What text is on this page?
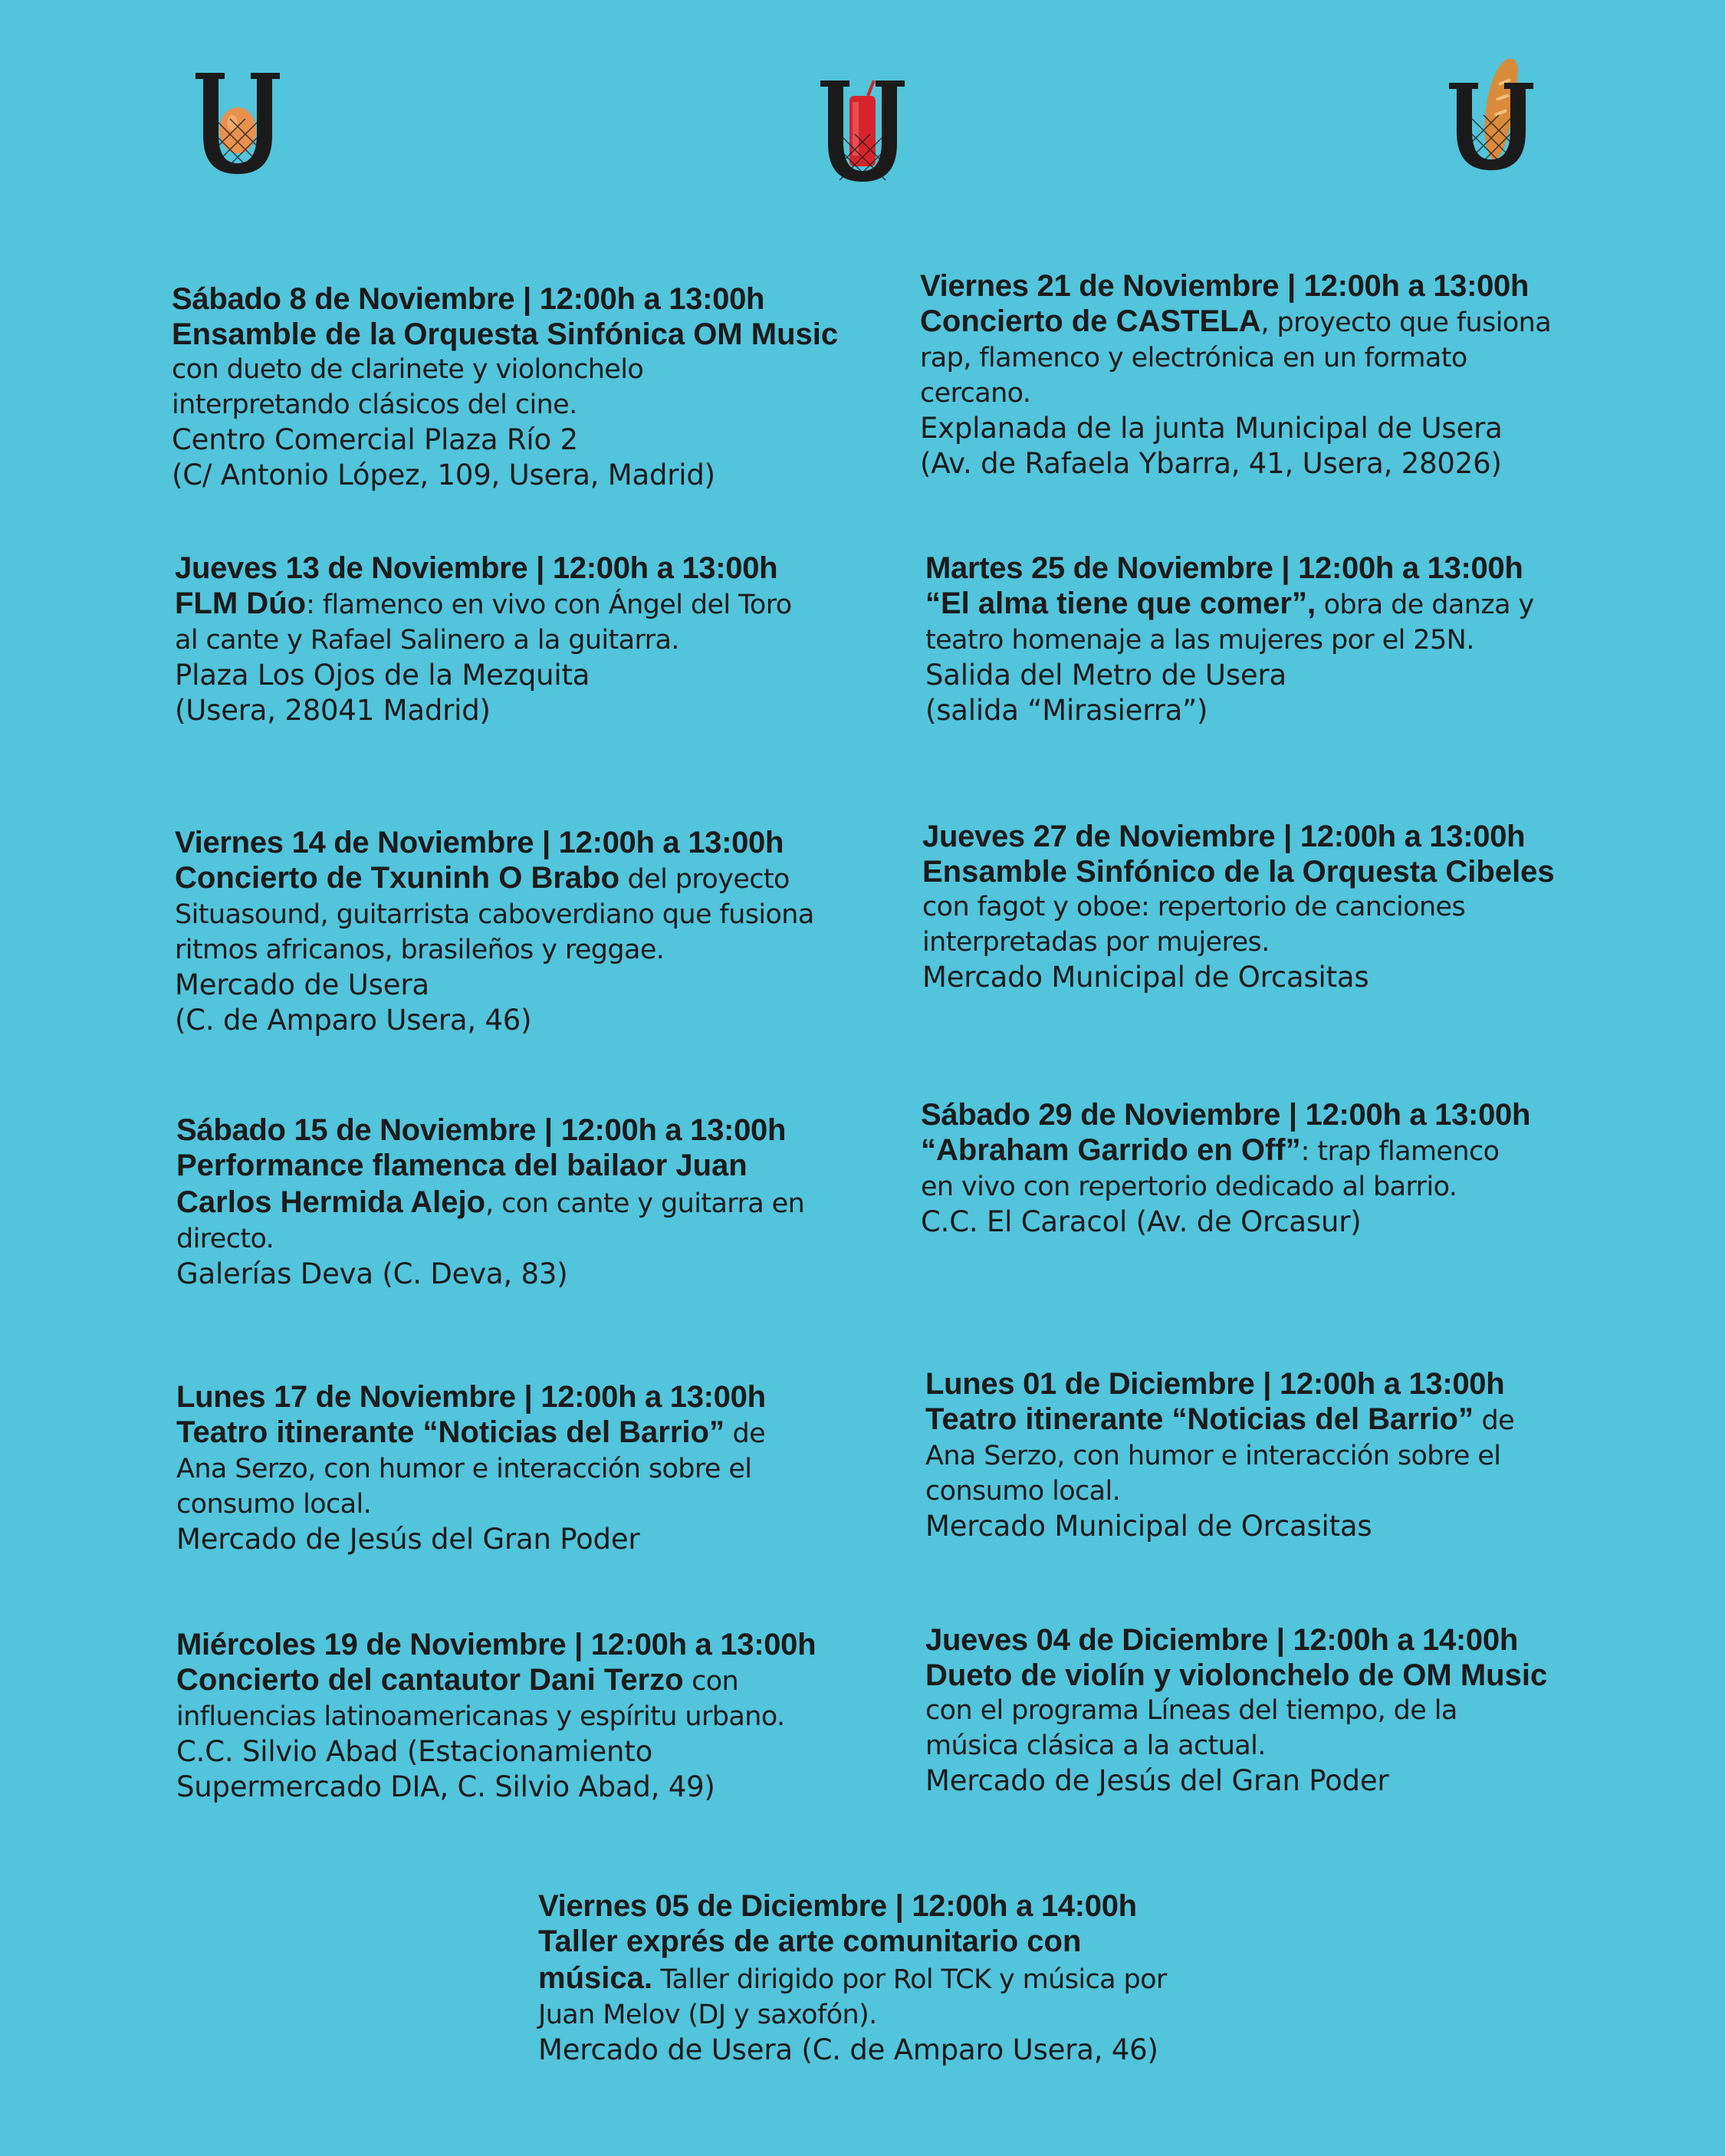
Sábado 8 de Noviembre | 12:00h a 13:00h
Ensamble de la Orquesta Sinfónica OM Music
con dueto de clarinete y violonchelo interpretando clásicos del cine.
Centro Comercial Plaza Río 2
(C/ Antonio López, 109, Usera, Madrid)
Viernes 21 de Noviembre | 12:00h a 13:00h
Concierto de CASTELA, proyecto que fusiona rap, flamenco y electrónica en un formato cercano.
Explanada de la junta Municipal de Usera
(Av. de Rafaela Ybarra, 41, Usera, 28026)
Jueves 13 de Noviembre | 12:00h a 13:00h
FLM Dúo: flamenco en vivo con Ángel del Toro al cante y Rafael Salinero a la guitarra.
Plaza Los Ojos de la Mezquita
(Usera, 28041 Madrid)
Martes 25 de Noviembre | 12:00h a 13:00h
“El alma tiene que comer”, obra de danza y teatro homenaje a las mujeres por el 25N.
Salida del Metro de Usera
(salida “Mirasierra”)
Viernes 14 de Noviembre | 12:00h a 13:00h
Concierto de Txuninh O Brabo del proyecto Situasound, guitarrista caboverdiano que fusiona ritmos africanos, brasileños y reggae.
Mercado de Usera
(C. de Amparo Usera, 46)
Jueves 27 de Noviembre | 12:00h a 13:00h
Ensamble Sinfónico de la Orquesta Cibeles
con fagot y oboe: repertorio de canciones interpretadas por mujeres.
Mercado Municipal de Orcasitas
Sábado 15 de Noviembre | 12:00h a 13:00h
Performance flamenca del bailaor Juan Carlos Hermida Alejo, con cante y guitarra en directo.
Galerías Deva (C. Deva, 83)
Sábado 29 de Noviembre | 12:00h a 13:00h
“Abraham Garrido en Off”: trap flamenco en vivo con repertorio dedicado al barrio.
C.C. El Caracol (Av. de Orcasur)
Lunes 17 de Noviembre | 12:00h a 13:00h
Teatro itinerante “Noticias del Barrio” de Ana Serzo, con humor e interacción sobre el consumo local.
Mercado de Jesús del Gran Poder
Lunes 01 de Diciembre | 12:00h a 13:00h
Teatro itinerante “Noticias del Barrio” de Ana Serzo, con humor e interacción sobre el consumo local.
Mercado Municipal de Orcasitas
Miércoles 19 de Noviembre | 12:00h a 13:00h
Concierto del cantautor Dani Terzo con influencias latinoamericanas y espíritu urbano.
C.C. Silvio Abad (Estacionamiento
Supermercado DIA, C. Silvio Abad, 49)
Jueves 04 de Diciembre | 12:00h a 14:00h
Dueto de violín y violonchelo de OM Music
con el programa Líneas del tiempo, de la música clásica a la actual.
Mercado de Jesús del Gran Poder
Viernes 05 de Diciembre | 12:00h a 14:00h
Taller exprés de arte comunitario con música. Taller dirigido por Rol TCK y música por Juan Melov (DJ y saxofón).
Mercado de Usera (C. de Amparo Usera, 46)
